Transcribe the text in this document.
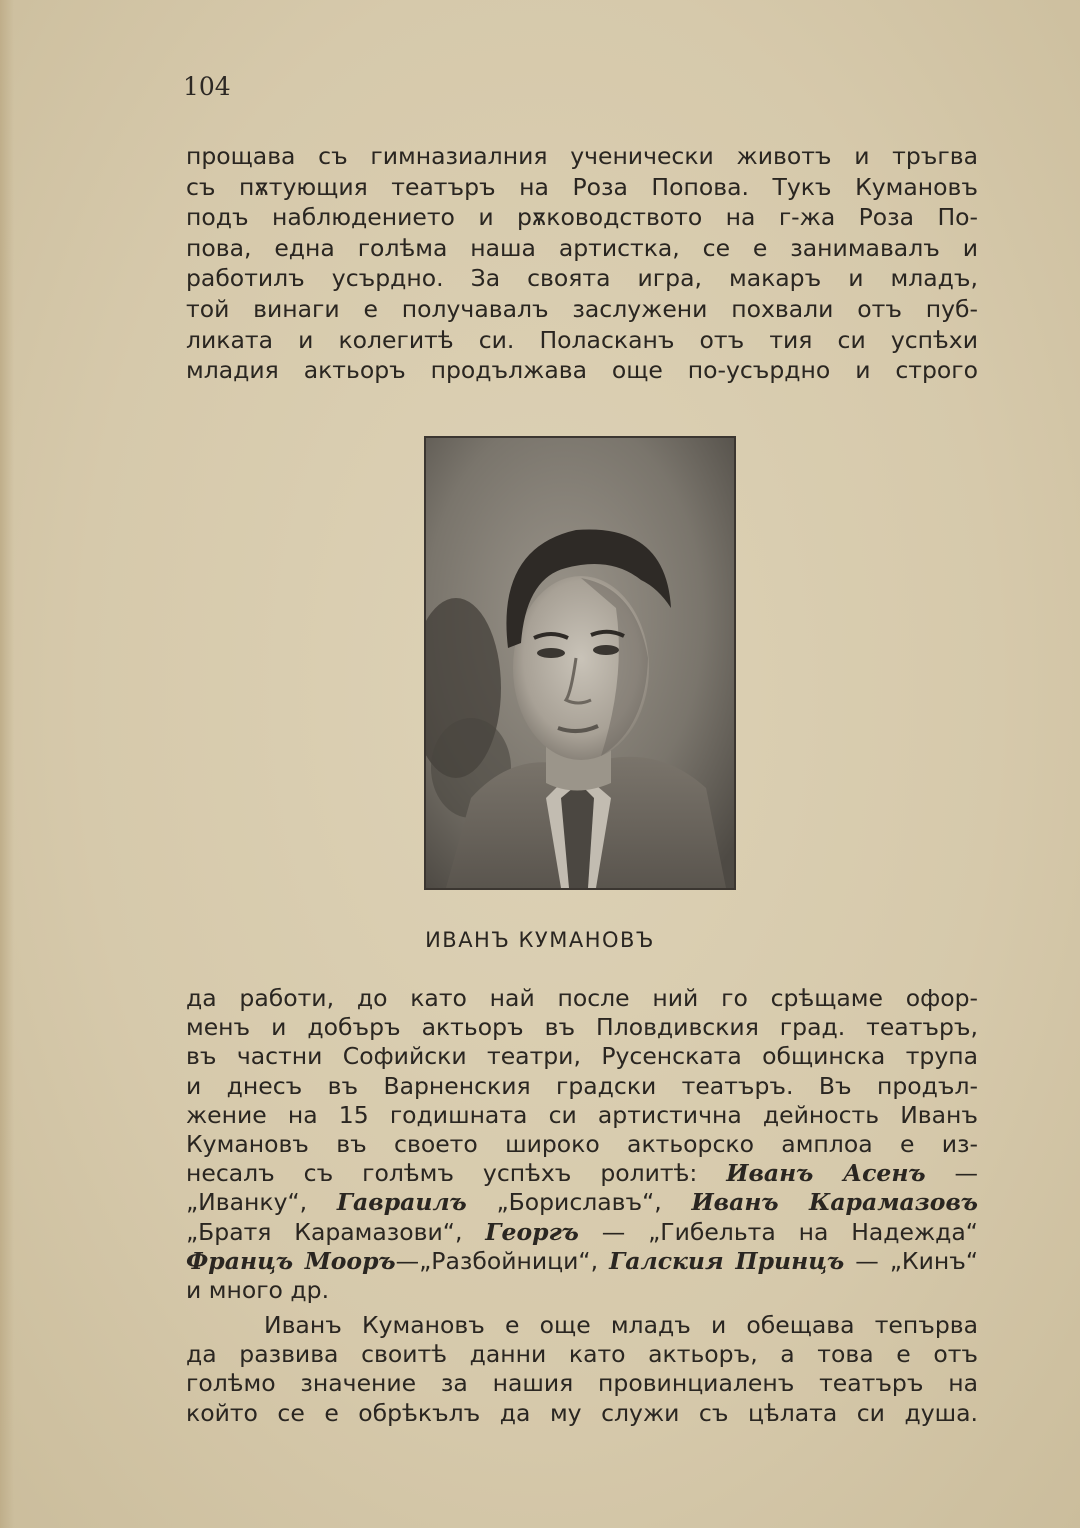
104
прощава съ гимназиалния ученически животъ и тръгва
съ пѫтующия театъръ на Роза Попова. Тукъ Кумановъ
подъ наблюдението и рѫководството на г-жа Роза По-
пова, една голѣма наша артистка, се е занимавалъ и
работилъ усърдно. За своята игра, макаръ и младъ,
той винаги е получавалъ заслужени похвали отъ пуб-
ликата и колегитѣ си. Поласканъ отъ тия си успѣхи
младия актьоръ продължава още по-усърдно и строго
ИВАНЪ КУМАНОВЪ
да работи, до като най после ний го срѣщаме офор-
менъ и добъръ актьоръ въ Пловдивския град. театъръ,
въ частни Софийски театри, Русенската общинска трупа
и днесъ въ Варненския градски театъръ. Въ продъл-
жение на 15 годишната си артистична дейность Иванъ
Кумановъ въ своето широко актьорско амплоа е из-
несалъ съ голѣмъ успѣхъ ролитѣ: Иванъ Асенъ —
„Иванку“, Гавраилъ „Бориславъ“, Иванъ Карамазовъ
„Братя Карамазови“, Георгъ — „Гибельта на Надежда“
Францъ Мооръ—„Разбойници“, Галския Принцъ — „Кинъ“
и много др.
Иванъ Кумановъ е още младъ и обещава тепърва
да развива своитѣ данни като актьоръ, а това е отъ
голѣмо значение за нашия провинциаленъ театъръ на
който се е обрѣкълъ да му служи съ цѣлата си душа.
